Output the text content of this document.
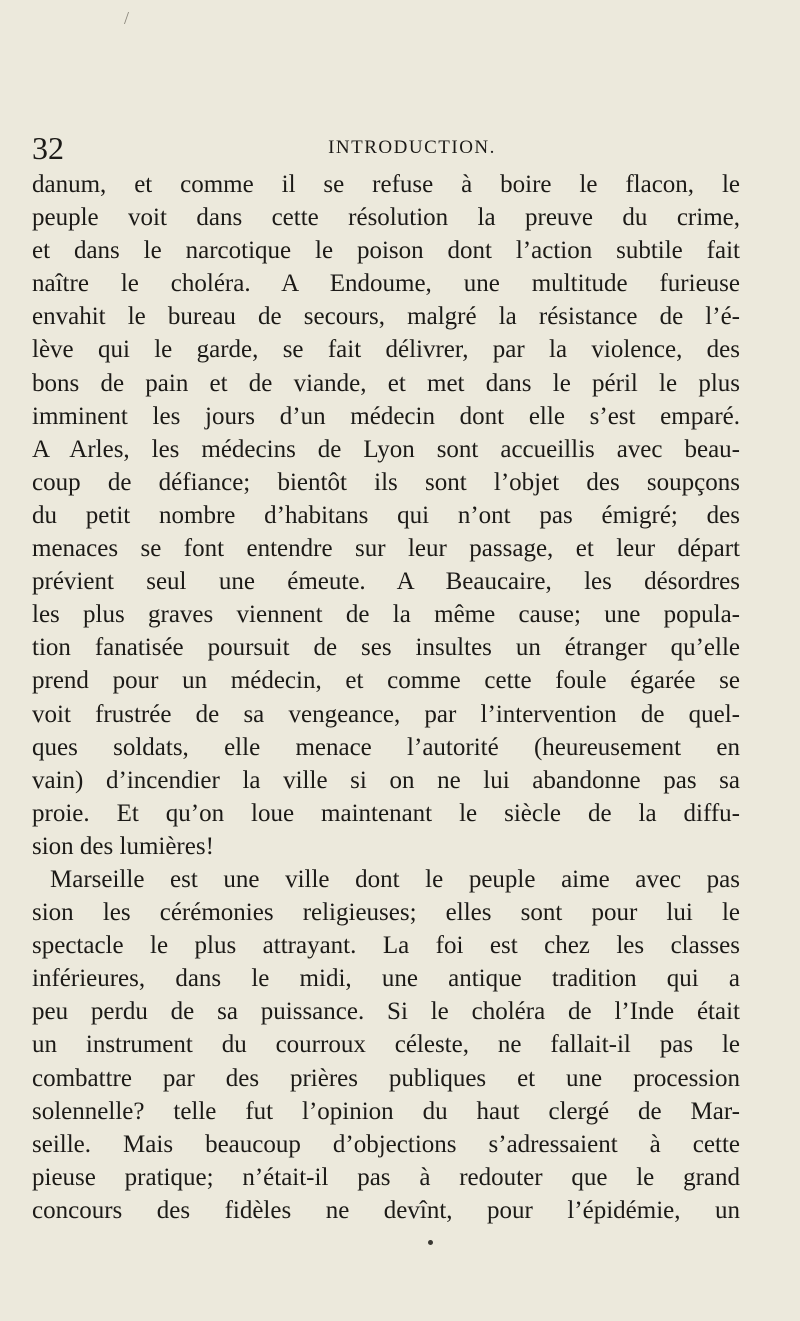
/
32	INTRODUCTION.
danum, et comme il se refuse à boire le flacon, le
peuple voit dans cette résolution la preuve du crime,
et dans le narcotique le poison dont l’action subtile fait
naître le choléra. A Endoume, une multitude furieuse
envahit le bureau de secours, malgré la résistance de l’é-
lève qui le garde, se fait délivrer, par la violence, des
bons de pain et de viande, et met dans le péril le plus
imminent les jours d’un médecin dont elle s’est emparé.
A Arles, les médecins de Lyon sont accueillis avec beau-
coup de défiance; bientôt ils sont l’objet des soupçons
du petit nombre d’habitans qui n’ont pas émigré; des
menaces se font entendre sur leur passage, et leur départ
prévient seul une émeute. A Beaucaire, les désordres
les plus graves viennent de la même cause; une popula-
tion fanatisée poursuit de ses insultes un étranger qu’elle
prend pour un médecin, et comme cette foule égarée se
voit frustrée de sa vengeance, par l’intervention de quel-
ques soldats, elle menace l’autorité (heureusement en
vain) d’incendier la ville si on ne lui abandonne pas sa
proie. Et qu’on loue maintenant le siècle de la diffu-
sion des lumières!
Marseille est une ville dont le peuple aime avec pas
sion les cérémonies religieuses; elles sont pour lui le
spectacle le plus attrayant. La foi est chez les classes
inférieures, dans le midi, une antique tradition qui a
peu perdu de sa puissance. Si le choléra de l’Inde était
un instrument du courroux céleste, ne fallait-il pas le
combattre par des prières publiques et une procession
solennelle? telle fut l’opinion du haut clergé de Mar-
seille. Mais beaucoup d’objections s’adressaient à cette
pieuse pratique; n’était-il pas à redouter que le grand
concours des fidèles ne devînt, pour l’épidémie, un
